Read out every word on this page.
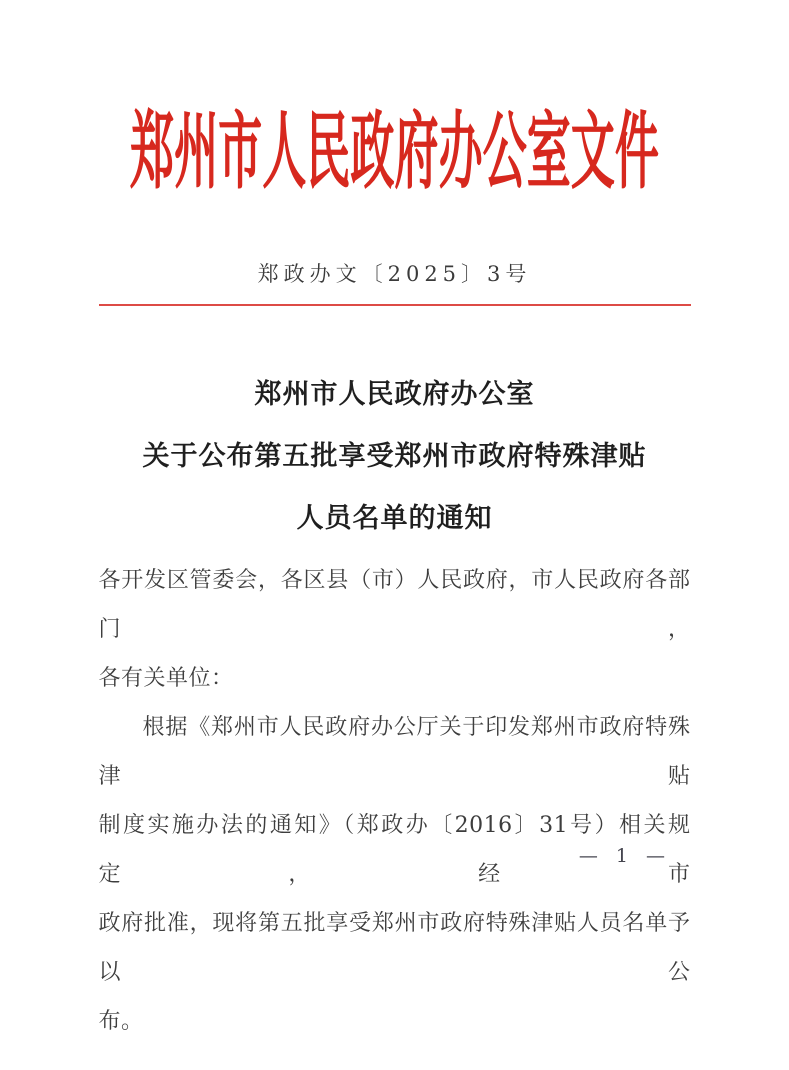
郑州市人民政府办公室文件
郑政办文〔2025〕3号
郑州市人民政府办公室
关于公布第五批享受郑州市政府特殊津贴
人员名单的通知
各开发区管委会，各区县（市）人民政府，市人民政府各部门，
各有关单位：
根据《郑州市人民政府办公厅关于印发郑州市政府特殊津贴
制度实施办法的通知》（郑政办〔2016〕31号）相关规定，经市
政府批准，现将第五批享受郑州市政府特殊津贴人员名单予以公
布。
— 1 —
